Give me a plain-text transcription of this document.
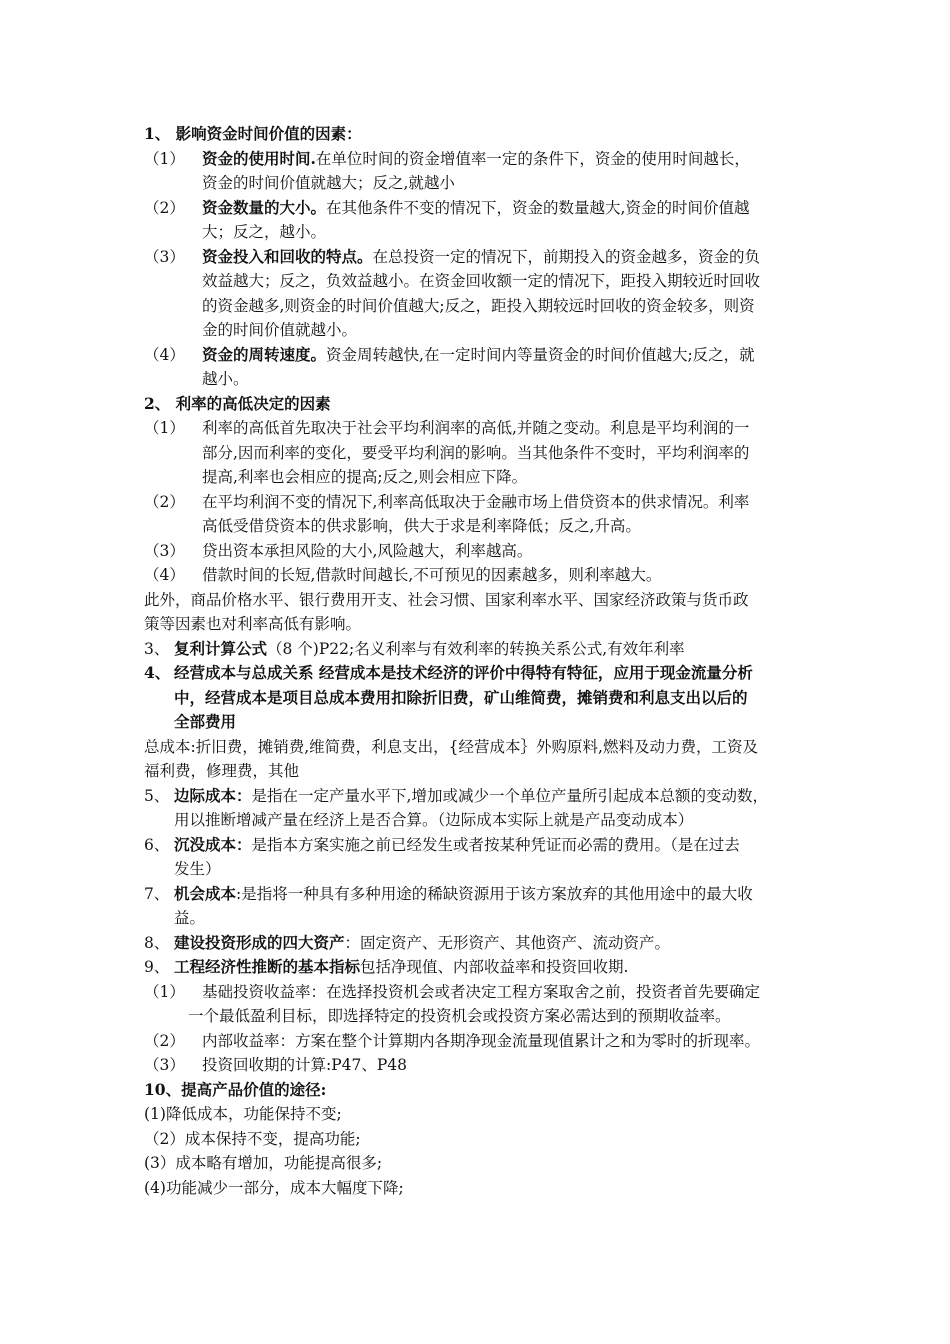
1、 影响资金时间价值的因素：
（1） 资金的使用时间.在单位时间的资金增值率一定的条件下，资金的使用时间越长，
资金的时间价值就越大；反之,就越小
（2） 资金数量的大小。在其他条件不变的情况下，资金的数量越大,资金的时间价值越
大；反之，越小。
（3） 资金投入和回收的特点。在总投资一定的情况下，前期投入的资金越多，资金的负
效益越大；反之，负效益越小。在资金回收额一定的情况下，距投入期较近时回收
的资金越多,则资金的时间价值越大;反之，距投入期较远时回收的资金较多，则资
金的时间价值就越小。
（4） 资金的周转速度。资金周转越快,在一定时间内等量资金的时间价值越大;反之，就
越小。
2、 利率的高低决定的因素
（1） 利率的高低首先取决于社会平均利润率的高低,并随之变动。利息是平均利润的一
部分,因而利率的变化，要受平均利润的影响。当其他条件不变时，平均利润率的
提高,利率也会相应的提高;反之,则会相应下降。
（2） 在平均利润不变的情况下,利率高低取决于金融市场上借贷资本的供求情况。利率
高低受借贷资本的供求影响，供大于求是利率降低；反之,升高。
（3） 贷出资本承担风险的大小,风险越大，利率越高。
（4） 借款时间的长短,借款时间越长,不可预见的因素越多，则利率越大。
此外，商品价格水平、银行费用开支、社会习惯、国家利率水平、国家经济政策与货币政
策等因素也对利率高低有影响。
3、 复利计算公式（8 个)P22;名义利率与有效利率的转换关系公式,有效年利率
4、 经营成本与总成关系 经营成本是技术经济的评价中得特有特征，应用于现金流量分析
中，经营成本是项目总成本费用扣除折旧费，矿山维简费，摊销费和利息支出以后的
全部费用
总成本:折旧费，摊销费,维简费，利息支出，{经营成本｝外购原料,燃料及动力费，工资及
福利费，修理费，其他
5、 边际成本：是指在一定产量水平下,增加或减少一个单位产量所引起成本总额的变动数，
用以推断增减产量在经济上是否合算。（边际成本实际上就是产品变动成本）
6、 沉没成本：是指本方案实施之前已经发生或者按某种凭证而必需的费用。（是在过去
发生）
7、 机会成本:是指将一种具有多种用途的稀缺资源用于该方案放弃的其他用途中的最大收
益。
8、 建设投资形成的四大资产：固定资产、无形资产、其他资产、流动资产。
9、 工程经济性推断的基本指标包括净现值、内部收益率和投资回收期.
（1） 基础投资收益率：在选择投资机会或者决定工程方案取舍之前，投资者首先要确定
一个最低盈利目标，即选择特定的投资机会或投资方案必需达到的预期收益率。
（2） 内部收益率：方案在整个计算期内各期净现金流量现值累计之和为零时的折现率。
（3） 投资回收期的计算:P47、P48
10、提高产品价值的途径:
(1)降低成本，功能保持不变;
（2）成本保持不变，提高功能;
(3）成本略有增加，功能提高很多;
(4)功能减少一部分，成本大幅度下降;
